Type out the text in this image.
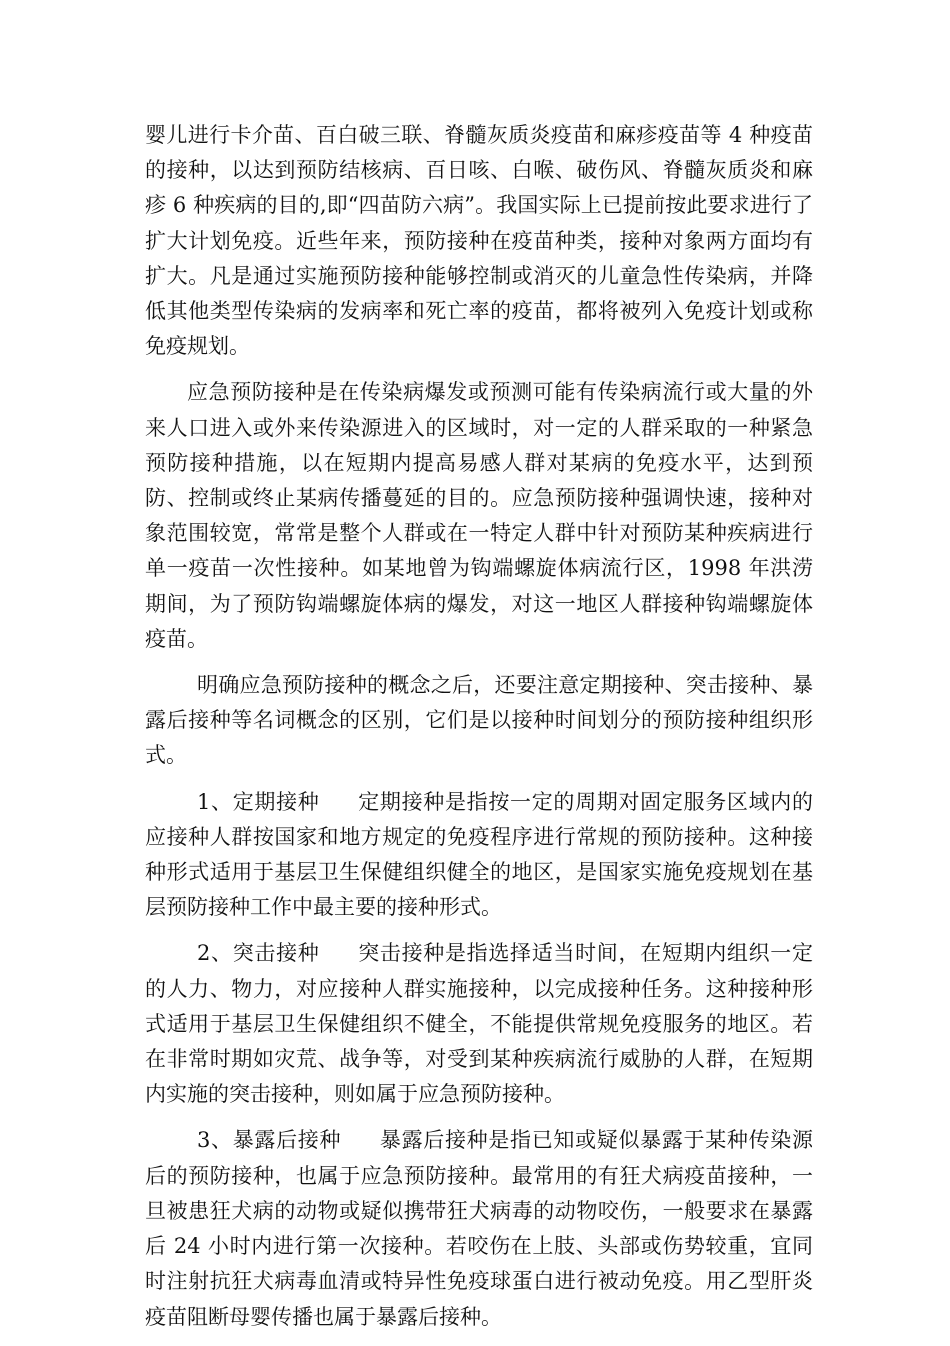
婴儿进行卡介苗、百白破三联、脊髓灰质炎疫苗和麻疹疫苗等 4 种疫苗的接种，以达到预防结核病、百日咳、白喉、破伤风、脊髓灰质炎和麻疹 6 种疾病的目的,即“四苗防六病”。我国实际上已提前按此要求进行了扩大计划免疫。近些年来，预防接种在疫苗种类，接种对象两方面均有扩大。凡是通过实施预防接种能够控制或消灭的儿童急性传染病，并降低其他类型传染病的发病率和死亡率的疫苗，都将被列入免疫计划或称免疫规划。

应急预防接种是在传染病爆发或预测可能有传染病流行或大量的外来人口进入或外来传染源进入的区域时，对一定的人群采取的一种紧急预防接种措施，以在短期内提高易感人群对某病的免疫水平，达到预防、控制或终止某病传播蔓延的目的。应急预防接种强调快速，接种对象范围较宽，常常是整个人群或在一特定人群中针对预防某种疾病进行单一疫苗一次性接种。如某地曾为钩端螺旋体病流行区，1998 年洪涝期间，为了预防钩端螺旋体病的爆发，对这一地区人群接种钩端螺旋体疫苗。

明确应急预防接种的概念之后，还要注意定期接种、突击接种、暴露后接种等名词概念的区别，它们是以接种时间划分的预防接种组织形式。

1、定期接种 定期接种是指按一定的周期对固定服务区域内的应接种人群按国家和地方规定的免疫程序进行常规的预防接种。这种接种形式适用于基层卫生保健组织健全的地区，是国家实施免疫规划在基层预防接种工作中最主要的接种形式。

2、突击接种 突击接种是指选择适当时间，在短期内组织一定的人力、物力，对应接种人群实施接种，以完成接种任务。这种接种形式适用于基层卫生保健组织不健全，不能提供常规免疫服务的地区。若在非常时期如灾荒、战争等，对受到某种疾病流行威胁的人群，在短期内实施的突击接种，则如属于应急预防接种。

3、暴露后接种 暴露后接种是指已知或疑似暴露于某种传染源后的预防接种，也属于应急预防接种。最常用的有狂犬病疫苗接种，一旦被患狂犬病的动物或疑似携带狂犬病毒的动物咬伤，一般要求在暴露后 24 小时内进行第一次接种。若咬伤在上肢、头部或伤势较重，宜同时注射抗狂犬病毒血清或特异性免疫球蛋白进行被动免疫。用乙型肝炎疫苗阻断母婴传播也属于暴露后接种。
